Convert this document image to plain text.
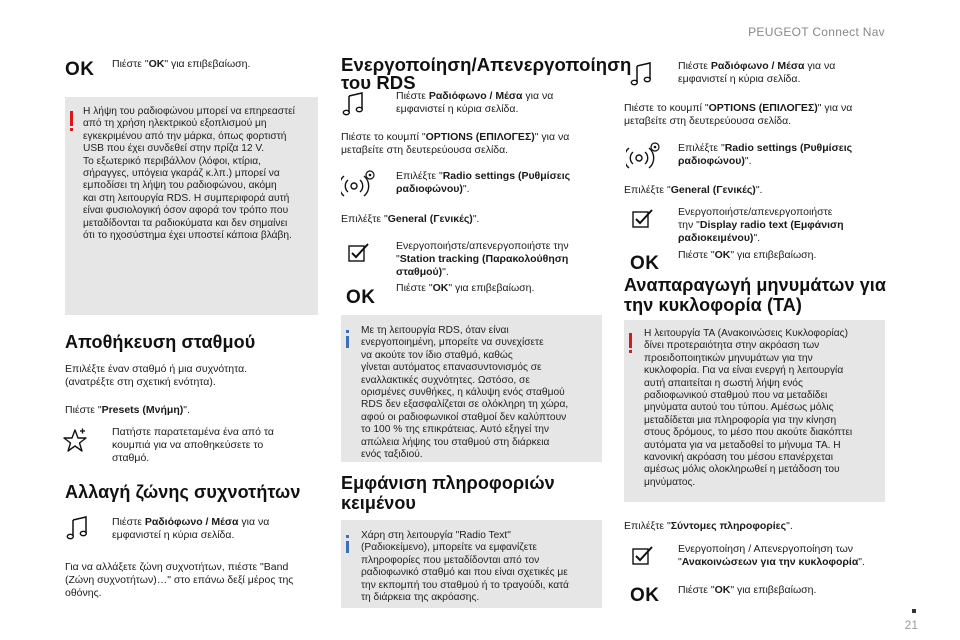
PEUGEOT Connect Nav
OK Πιέστε "OK" για επιβεβαίωση.
Η λήψη του ραδιοφώνου μπορεί να επηρεαστεί
από τη χρήση ηλεκτρικού εξοπλισμού μη
εγκεκριμένου από την μάρκα, όπως φορτιστή
USB που έχει συνδεθεί στην πρίζα 12 V.
Το εξωτερικό περιβάλλον (λόφοι, κτίρια,
σήραγγες, υπόγεια γκαράζ κ.λπ.) μπορεί να
εμποδίσει τη λήψη του ραδιοφώνου, ακόμη
και στη λειτουργία RDS. Η συμπεριφορά αυτή
είναι φυσιολογική όσον αφορά τον τρόπο που
μεταδίδονται τα ραδιοκύματα και δεν σημαίνει
ότι το ηχοσύστημα έχει υποστεί κάποια βλάβη.
Αποθήκευση σταθμού
Επιλέξτε έναν σταθμό ή μια συχνότητα.
(ανατρέξτε στη σχετική ενότητα).
Πιέστε "Presets (Μνήμη)".
Πατήστε παρατεταμένα ένα από τα
κουμπιά για να αποθηκεύσετε το
σταθμό.
Αλλαγή ζώνης συχνοτήτων
Πιέστε Ραδιόφωνο / Μέσα για να
εμφανιστεί η κύρια σελίδα.
Για να αλλάξετε ζώνη συχνοτήτων, πιέστε "Band
(Ζώνη συχνοτήτων)…" στο επάνω δεξί μέρος της
οθόνης.
Ενεργοποίηση/Απενεργοποίηση
του RDS
Πιέστε Ραδιόφωνο / Μέσα για να
εμφανιστεί η κύρια σελίδα.
Πιέστε το κουμπί "OPTIONS (ΕΠΙΛΟΓΕΣ)" για να
μεταβείτε στη δευτερεύουσα σελίδα.
Επιλέξτε "Radio settings (Ρυθμίσεις
ραδιοφώνου)".
Επιλέξτε "General (Γενικές)".
Ενεργοποιήστε/απενεργοποιήστε την
"Station tracking (Παρακολούθηση
σταθμού)".
OK Πιέστε "OK" για επιβεβαίωση.
Με τη λειτουργία RDS, όταν είναι
ενεργοποιημένη, μπορείτε να συνεχίσετε
να ακούτε τον ίδιο σταθμό, καθώς
γίνεται αυτόματος επανασυντονισμός σε
εναλλακτικές συχνότητες. Ωστόσο, σε
ορισμένες συνθήκες, η κάλυψη ενός σταθμού
RDS δεν εξασφαλίζεται σε ολόκληρη τη χώρα,
αφού οι ραδιοφωνικοί σταθμοί δεν καλύπτουν
το 100 % της επικράτειας. Αυτό εξηγεί την
απώλεια λήψης του σταθμού στη διάρκεια
ενός ταξιδιού.
Εμφάνιση πληροφοριών
κειμένου
Χάρη στη λειτουργία "Radio Text"
(Ραδιοκείμενο), μπορείτε να εμφανίζετε
πληροφορίες που μεταδίδονται από τον
ραδιοφωνικό σταθμό και που είναι σχετικές με
την εκπομπή του σταθμού ή το τραγούδι, κατά
τη διάρκεια της ακρόασης.
Πιέστε Ραδιόφωνο / Μέσα για να
εμφανιστεί η κύρια σελίδα.
Πιέστε το κουμπί "OPTIONS (ΕΠΙΛΟΓΕΣ)" για να
μεταβείτε στη δευτερεύουσα σελίδα.
Επιλέξτε "Radio settings (Ρυθμίσεις
ραδιοφώνου)".
Επιλέξτε "General (Γενικές)".
Ενεργοποιήστε/απενεργοποιήστε
την "Display radio text (Εμφάνιση
ραδιοκειμένου)".
OK Πιέστε "OK" για επιβεβαίωση.
Αναπαραγωγή μηνυμάτων για
την κυκλοφορία (TA)
Η λειτουργία TA (Ανακοινώσεις Κυκλοφορίας)
δίνει προτεραιότητα στην ακρόαση των
προειδοποιητικών μηνυμάτων για την
κυκλοφορία. Για να είναι ενεργή η λειτουργία
αυτή απαιτείται η σωστή λήψη ενός
ραδιοφωνικού σταθμού που να μεταδίδει
μηνύματα αυτού του τύπου. Αμέσως μόλις
μεταδίδεται μια πληροφορία για την κίνηση
στους δρόμους, το μέσο που ακούτε διακόπτει
αυτόματα για να μεταδοθεί το μήνυμα TA. Η
κανονική ακρόαση του μέσου επανέρχεται
αμέσως μόλις ολοκληρωθεί η μετάδοση του
μηνύματος.
Επιλέξτε "Σύντομες πληροφορίες".
Ενεργοποίηση / Απενεργοποίηση των
"Ανακοινώσεων για την κυκλοφορία".
OK Πιέστε "OK" για επιβεβαίωση.
21
